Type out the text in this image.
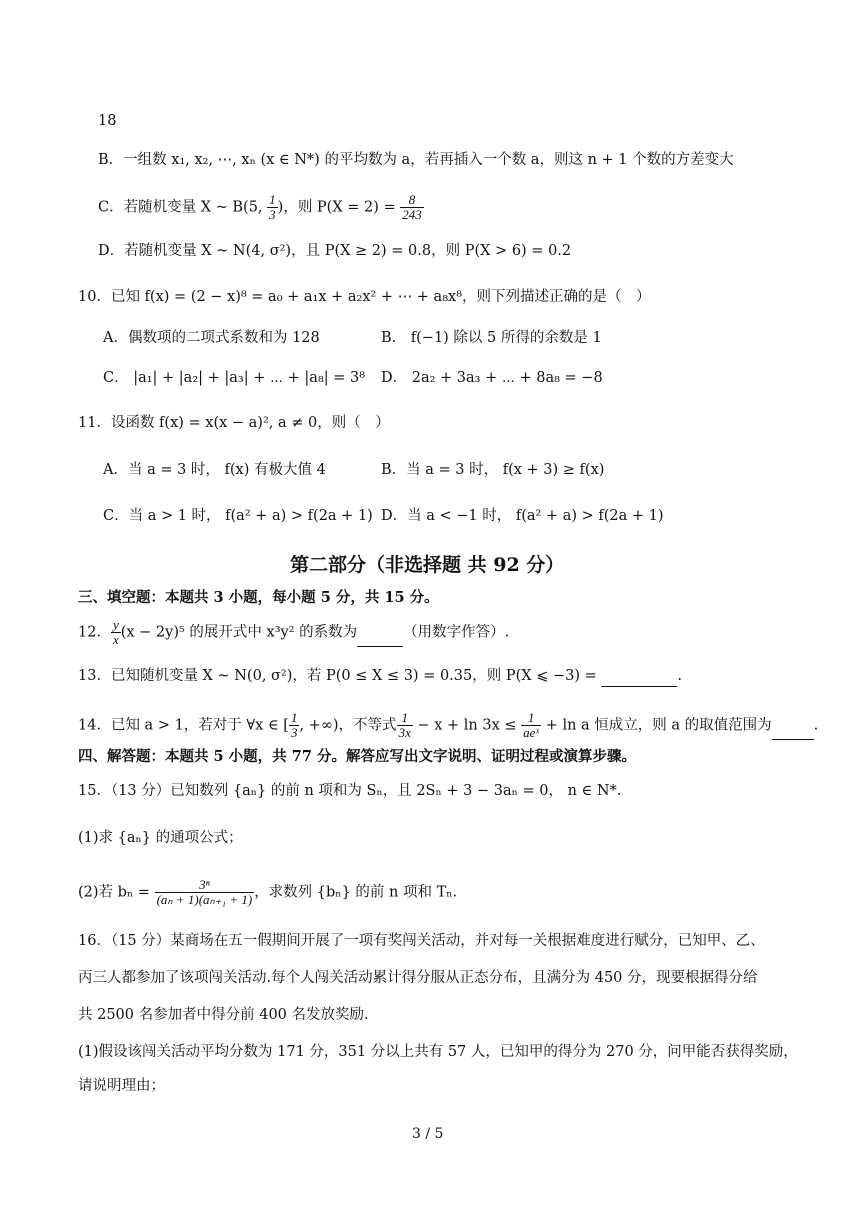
18
B．一组数 x₁, x₂, ⋯, xₙ (x ∈ N*) 的平均数为 a，若再插入一个数 a，则这 n + 1 个数的方差变大
C．若随机变量 X ~ B(5, $\frac{1}{3}$ )，则 $P(X = 2) = \frac{8}{243}$
D．若随机变量 X ~ N(4, σ²)，且 P(X ≥ 2) = 0.8，则 P(X > 6) = 0.2
10．已知 f(x) = (2 − x)⁸ = a₀ + a₁x + a₂x² + ⋯ + a₈x⁸，则下列描述正确的是（　）
A．偶数项的二项式系数和为 128	B． f(−1) 除以 5 所得的余数是 1
C． |a₁| + |a₂| + |a₃| + ⋯ + |a₈| = 3⁸ D． 2a₂ + 3a₃ + ⋯ + 8a₈ = −8
11．设函数 f(x) = x(x − a)², a ≠ 0，则（　）
A．当 a = 3 时， f(x) 有极大值 4	B．当 a = 3 时， f(x + 3) ≥ f(x)
C．当 a > 1 时， f(a² + a) > f(2a + 1) D．当 a < −1 时， f(a² + a) > f(2a + 1)
第二部分（非选择题 共 92 分）
三、填空题：本题共 3 小题，每小题 5 分，共 15 分。
12． $\frac{y}{x} (x - 2y)^5$ 的展开式中 x³y² 的系数为	（用数字作答）.
13．已知随机变量 X ~ N(0, σ²)，若 P(0 ≤ X ≤ 3) = 0.35，则 P(X ⩽ −3) =	.
14．已知 a > 1，若对于 ∀x ∈ [ $\frac{1}{3}$ , +∞)，不等式 $\frac{1}{3x} - x + \ln 3x \le \frac{1}{\text{aeˣ}} + \ln a$ 恒成立，则 a 的取值范围为	.
四、解答题：本题共 5 小题，共 77 分。解答应写出文字说明、证明过程或演算步骤。
15．（13 分）已知数列 {aₙ} 的前 n 项和为 Sₙ，且 2Sₙ + 3 − 3aₙ = 0， n ∈ N*.
(1)求 {aₙ} 的通项公式；
(2)若 $b_n = \frac{\text{3ⁿ}}{\text{(aₙ + 1)(aₙ₊₁ + 1)}}$ ，求数列 {bₙ} 的前 n 项和 Tₙ.
16．（15 分）某商场在五一假期间开展了一项有奖闯关活动，并对每一关根据难度进行赋分，已知甲、乙、
丙三人都参加了该项闯关活动.每个人闯关活动累计得分服从正态分布，且满分为 450 分，现要根据得分给
共 2500 名参加者中得分前 400 名发放奖励.
(1)假设该闯关活动平均分数为 171 分，351 分以上共有 57 人，已知甲的得分为 270 分，问甲能否获得奖励，
请说明理由；
3 / 5
